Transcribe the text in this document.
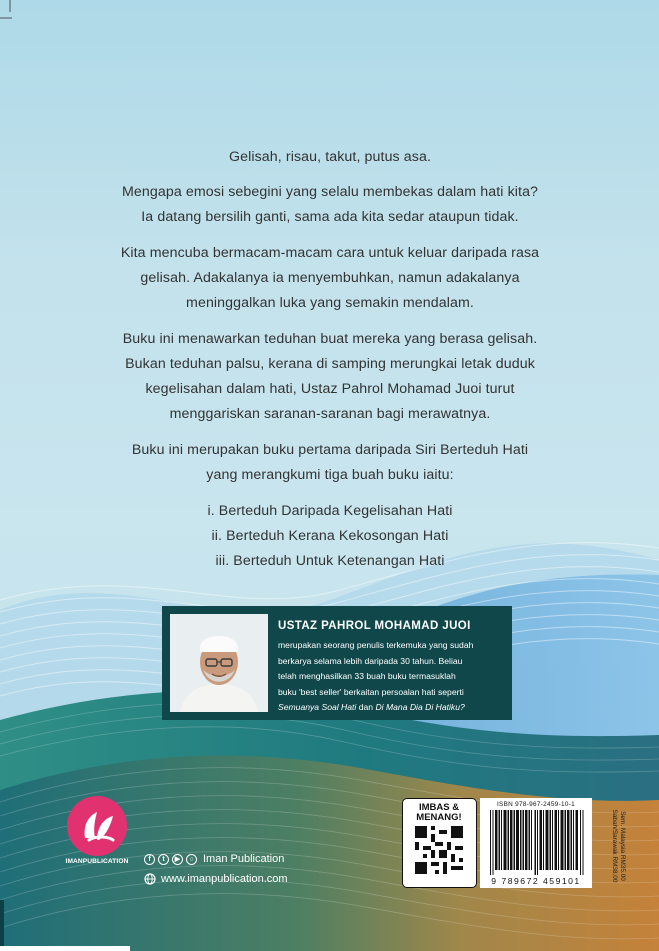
Gelisah, risau, takut, putus asa.

Mengapa emosi sebegini yang selalu membekas dalam hati kita?

Ia datang bersilih ganti, sama ada kita sedar ataupun tidak.

Kita mencuba bermacam-macam cara untuk keluar daripada rasa

gelisah. Adakalanya ia menyembuhkan, namun adakalanya

meninggalkan luka yang semakin mendalam.

Buku ini menawarkan teduhan buat mereka yang berasa gelisah.

Bukan teduhan palsu, kerana di samping merungkai letak duduk

kegelisahan dalam hati, Ustaz Pahrol Mohamad Juoi turut

menggariskan saranan-saranan bagi merawatnya.

Buku ini merupakan buku pertama daripada Siri Berteduh Hati

yang merangkumi tiga buah buku iaitu:

i. Berteduh Daripada Kegelisahan Hati

ii. Berteduh Kerana Kekosongan Hati

iii. Berteduh Untuk Ketenangan Hati

USTAZ PAHROL MOHAMAD JUOI
merupakan seorang penulis terkemuka yang sudah
berkarya selama lebih daripada 30 tahun. Beliau
telah menghasilkan 33 buah buku termasuklah
buku 'best seller' berkaitan persoalan hati seperti
Semuanya Soal Hati dan Di Mana Dia Di Hatiku?
IMANPUBLICATION	f	t	▶	○ Iman Publication
www.imanpublication.com
IMBAS &
MENANG!
ISBN 978-967-2459-10-1
9 789672 459101
Sem. Malaysia RM35.00
Sabah/Sarawak RM38.00
